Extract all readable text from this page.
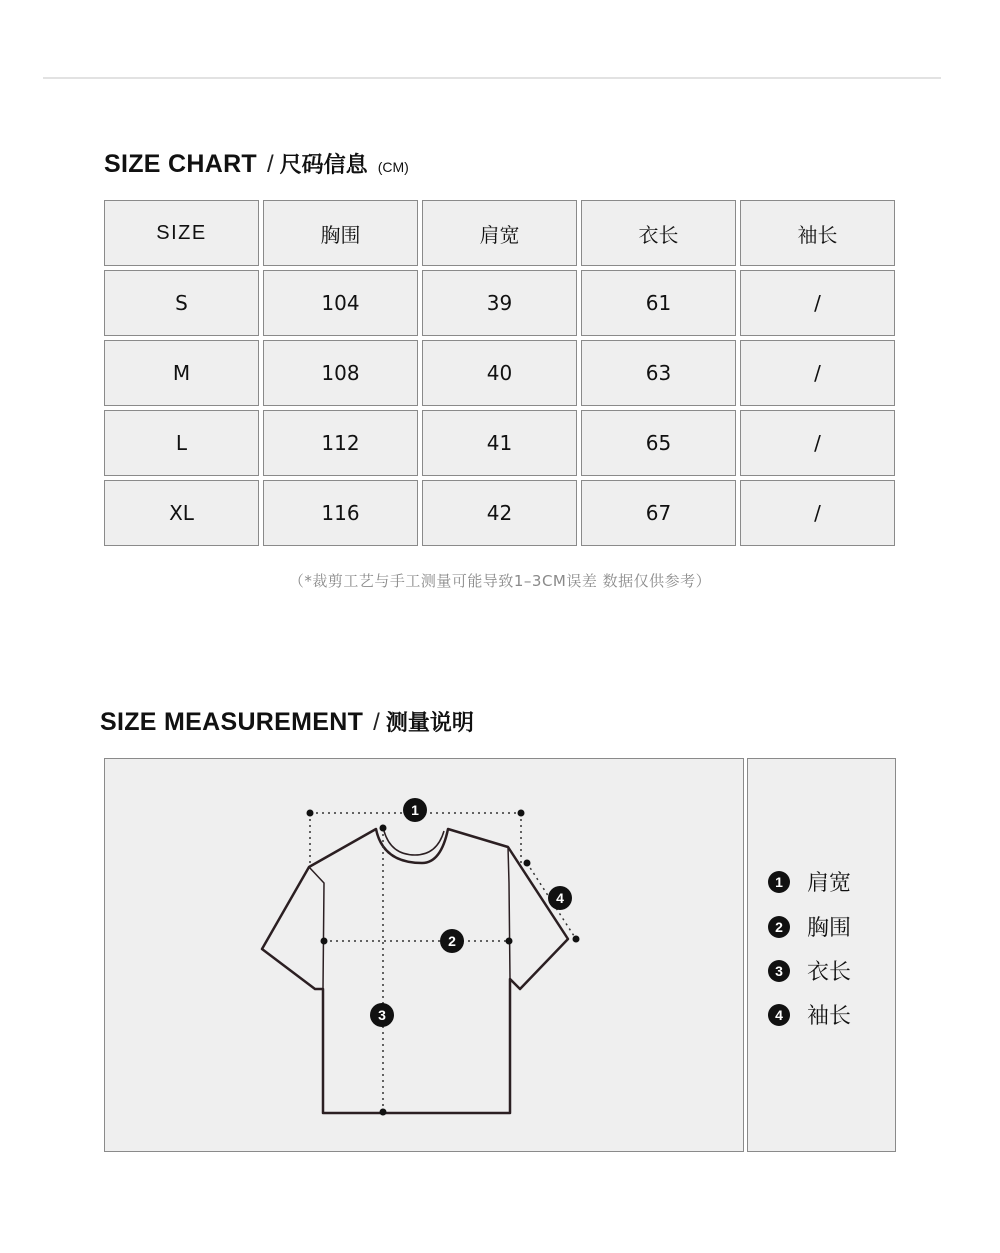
SIZE CHART / 尺码信息 (CM)
SIZE	胸围	肩宽	衣长	袖长
S	104	39	61	/
M	108	40	63	/
L	112	41	65	/
XL	116	42	67	/
（*裁剪工艺与手工测量可能导致1–3CM误差 数据仅供参考）
SIZE MEASUREMENT / 测量说明
1
2
3
4
1	肩宽
2	胸围
3	衣长
4	袖长
